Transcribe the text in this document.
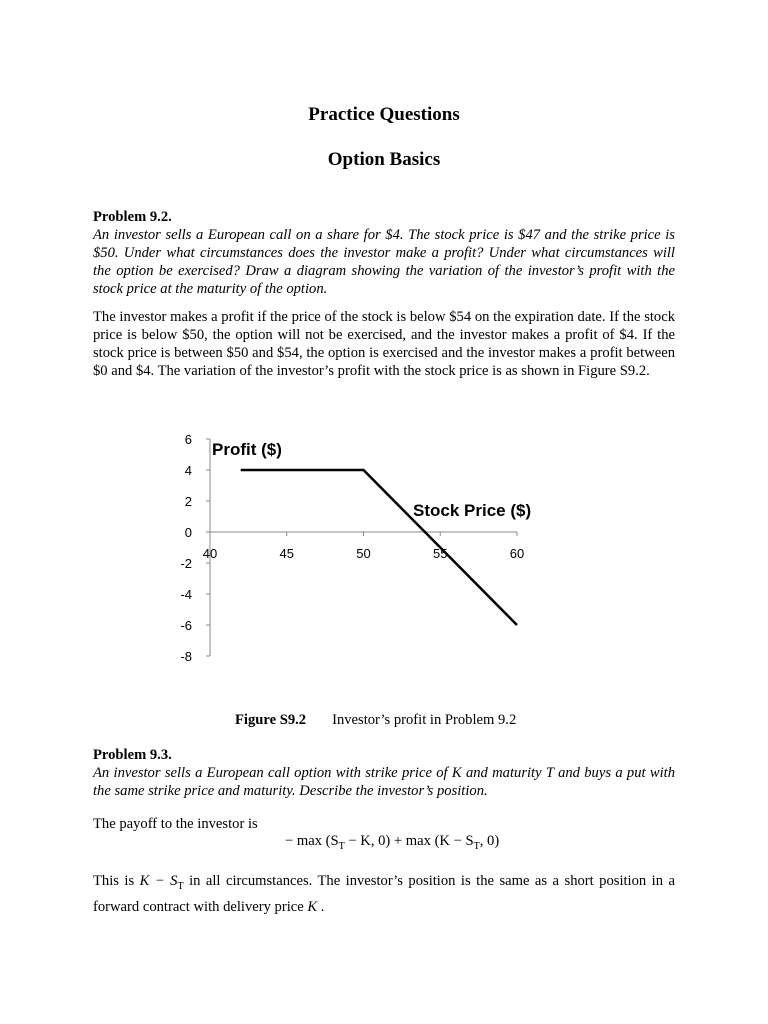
Practice Questions
Option Basics
Problem 9.2.
An investor sells a European call on a share for $4. The stock price is $47 and the strike price is $50. Under what circumstances does the investor make a profit? Under what circumstances will the option be exercised? Draw a diagram showing the variation of the investor’s profit with the stock price at the maturity of the option.
The investor makes a profit if the price of the stock is below $54 on the expiration date. If the stock price is below $50, the option will not be exercised, and the investor makes a profit of $4. If the stock price is between $50 and $54, the option is exercised and the investor makes a profit between $0 and $4. The variation of the investor’s profit with the stock price is as shown in Figure S9.2.
6
4
2
0
-2
-4
-6
-8
40	45	50	55	60
Profit ($)
Stock Price ($)
Figure S9.2 Investor’s profit in Problem 9.2
Problem 9.3.
An investor sells a European call option with strike price of K and maturity T and buys a put with the same strike price and maturity. Describe the investor’s position.
The payoff to the investor is
− $\max (S_T - K$, $0) + \max (K - S_T$, 0)
This is $K - S_T$ in all circumstances. The investor’s position is the same as a short position in a forward contract with delivery price K .
